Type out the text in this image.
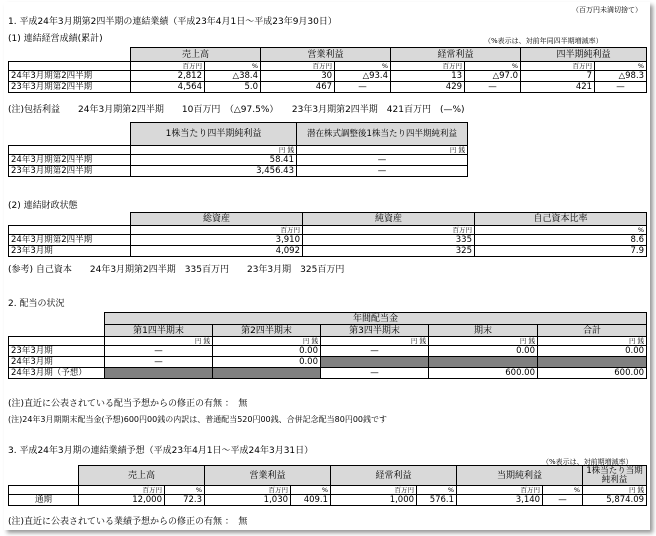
（百万円未満切捨て）
1. 平成24年3月期第2四半期の連結業績（平成23年4月1日～平成23年9月30日）
(1) 連結経営成績(累計)	（%表示は、対前年同四半期増減率）
	売上高		営業利益		経常利益		四半期純利益	
	百万円	%	百万円	%	百万円	%	百万円	%
24年3月期第2四半期	2,812	△38.4	30	△93.4	13	△97.0	7	△98.3
23年3月期第2四半期	4,564	5.0	467	—	429	—	421	—
(注)包括利益　　24年3月期第2四半期　　10百万円　（△97.5%）　　23年3月期第2四半期　421百万円　(—%)
	1株当たり四半期純利益	潜在株式調整後1株当たり四半期純利益
	円 銭	円 銭
24年3月期第2四半期	58.41	—
23年3月期第2四半期	3,456.43	—
(2) 連結財政状態
	総資産	純資産	自己資本比率
	百万円	百万円	%
24年3月期第2四半期	3,910	335	8.6
23年3月期	4,092	325	7.9
(参考) 自己資本　　24年3月期第2四半期　335百万円　　23年3月期　325百万円
2. 配当の状況
	年間配当金				
	第1四半期末	第2四半期末	第3四半期末	期末	合計
	円 銭	円 銭	円 銭	円 銭	円 銭
23年3月期	—	0.00	—	0.00	0.00
24年3月期	—	0.00			
24年3月期（予想）			—	600.00	600.00
(注)直近に公表されている配当予想からの修正の有無 ：　無
(注)24年3月期期末配当金(予想)600円00銭の内訳は、普通配当520円00銭、合併記念配当80円00銭です
3. 平成24年3月期の連結業績予想（平成23年4月1日～平成24年3月31日）
（%表示は、対前期増減率）
	売上高		営業利益		経常利益		当期純利益		1株当たり当期純利益
	百万円	%	百万円	%	百万円	%	百万円	%	円 銭
通期	12,000	72.3	1,030	409.1	1,000	576.1	3,140	—	5,874.09
(注)直近に公表されている業績予想からの修正の有無 ：　無
